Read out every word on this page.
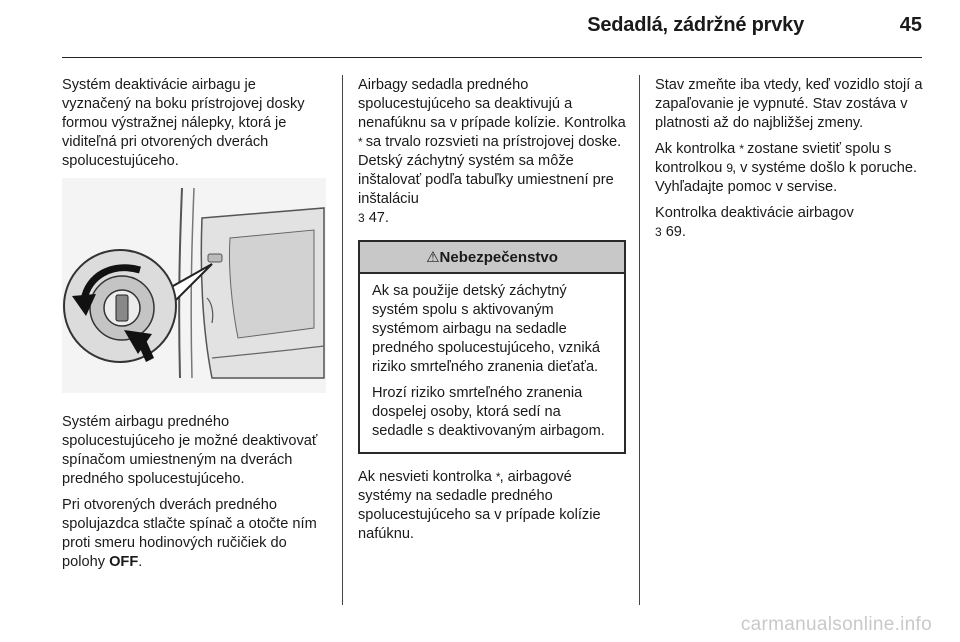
Sedadlá, zádržné prvky	45

Systém deaktivácie airbagu je vyznačený na boku prístrojovej dosky formou výstražnej nálepky, ktorá je viditeľná pri otvorených dverách spolucestujúceho.

Systém airbagu predného spolucestujúceho je možné deaktivovať spínačom umiestneným na dverách predného spolucestujúceho.

Pri otvorených dverách predného spolujazdca stlačte spínač a otočte ním proti smeru hodinových ručičiek do polohy OFF.

Airbagy sedadla predného spolucestujúceho sa deaktivujú a nenafúknu sa v prípade kolízie. Kontrolka * sa trvalo rozsvieti na prístrojovej doske. Detský záchytný systém sa môže inštalovať podľa tabuľky umiestnení pre inštaláciu
3 47.

⚠Nebezpečenstvo

Ak sa použije detský záchytný systém spolu s aktivovaným systémom airbagu na sedadle predného spolucestujúceho, vzniká riziko smrteľného zranenia dieťaťa.

Hrozí riziko smrteľného zranenia dospelej osoby, ktorá sedí na sedadle s deaktivovaným airbagom.

Ak nesvieti kontrolka *, airbagové systémy na sedadle predného spolucestujúceho sa v prípade kolízie nafúknu.

Stav zmeňte iba vtedy, keď vozidlo stojí a zapaľovanie je vypnuté. Stav zostáva v platnosti až do najbližšej zmeny.

Ak kontrolka * zostane svietiť spolu s kontrolkou 9, v systéme došlo k poruche. Vyhľadajte pomoc v servise.

Kontrolka deaktivácie airbagov
3 69.

carmanualsonline.info
